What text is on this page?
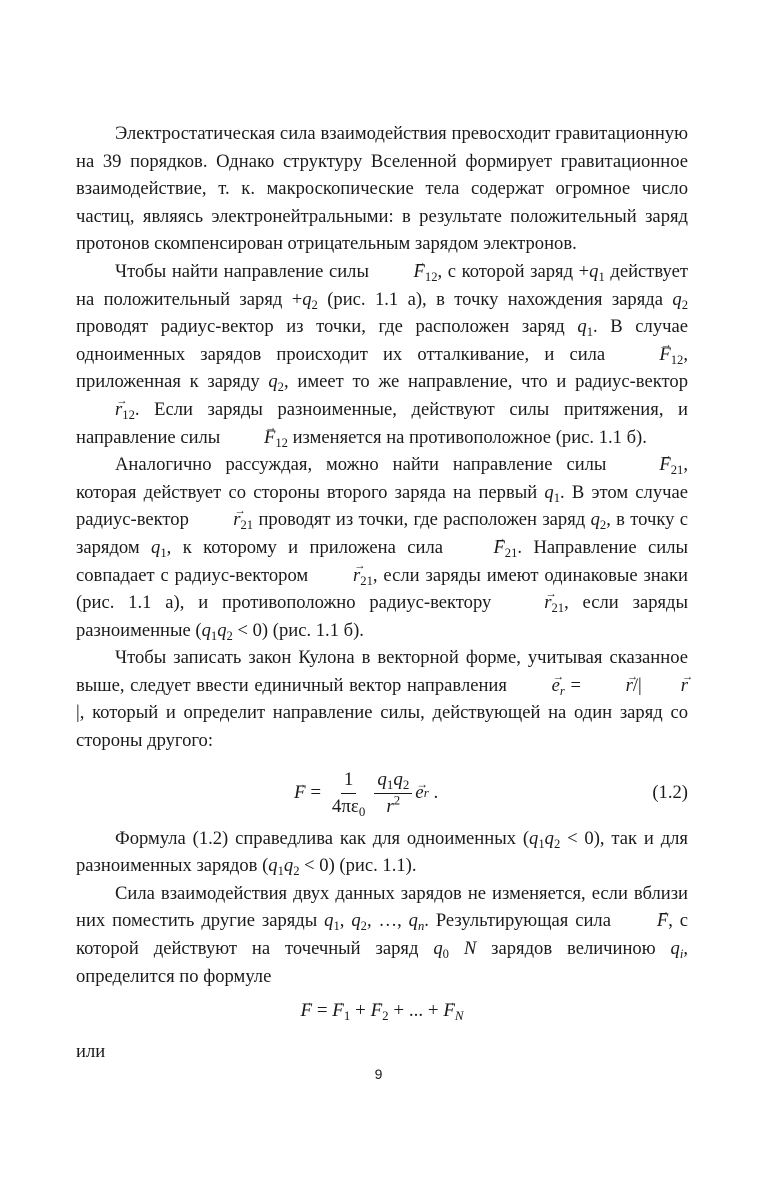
Электростатическая сила взаимодействия превосходит гравитационную на 39 порядков. Однако структуру Вселенной формирует гравитационное взаимодействие, т. к. макроскопические тела содержат огромное число частиц, являясь электронейтральными: в результате положительный заряд протонов скомпенсирован отрицательным зарядом электронов.

Чтобы найти направление силы → $F_{12}$, с которой заряд $+q_1$ действует на положительный заряд $+q_2$ (рис. 1.1 а), в точку нахождения заряда $q_2$ проводят радиус-вектор из точки, где расположен заряд $q_1$. В случае одноименных зарядов происходит их отталкивание, и сила → $F_{12}$, приложенная к заряду $q_2$, имеет то же направление, что и радиус-вектор → $r_{12}$. Если заряды разноименные, действуют силы притяжения, и направление силы → $F_{12}$ изменяется на противоположное (рис. 1.1 б).

Аналогично рассуждая, можно найти направление силы → $F_{21}$, которая действует со стороны второго заряда на первый $q_1$. В этом случае радиус-вектор → $r_{21}$ проводят из точки, где расположен заряд $q_2$, в точку с зарядом $q_1$, к которому и приложена сила → $F_{21}$. Направление силы совпадает с радиус-вектором → $r_{21}$, если заряды имеют одинаковые знаки (рис. 1.1 а), и противоположно радиус-вектору → $r_{21}$, если заряды разноименные $(q_1q_2 < 0)$ (рис. 1.1 б).

Чтобы записать закон Кулона в векторной форме, учитывая сказанное выше, следует ввести единичный вектор направления → $e_r$ = → r/|→ r|, который и определит направление силы, действующей на один заряд со стороны другого:

→ $F = \frac{1}{4\pi\varepsilon_0} \frac{q_1q_2}{r^2}$
→ e r .	(1.2)

Формула (1.2) справедлива как для одноименных $(q_1q_2 < 0)$, так и для разноименных зарядов $(q_1q_2 < 0)$ (рис. 1.1).

Сила взаимодействия двух данных зарядов не изменяется, если вблизи них поместить другие заряды $q_1$, $q_2$, …, $q_n$. Результирующая сила → F, с которой действуют на точечный заряд $q_0$ N зарядов величиною $q_i$, определится по формуле

→ F = → $F_1$ + → $F_2$ + ... + → $F_N$

или

9
